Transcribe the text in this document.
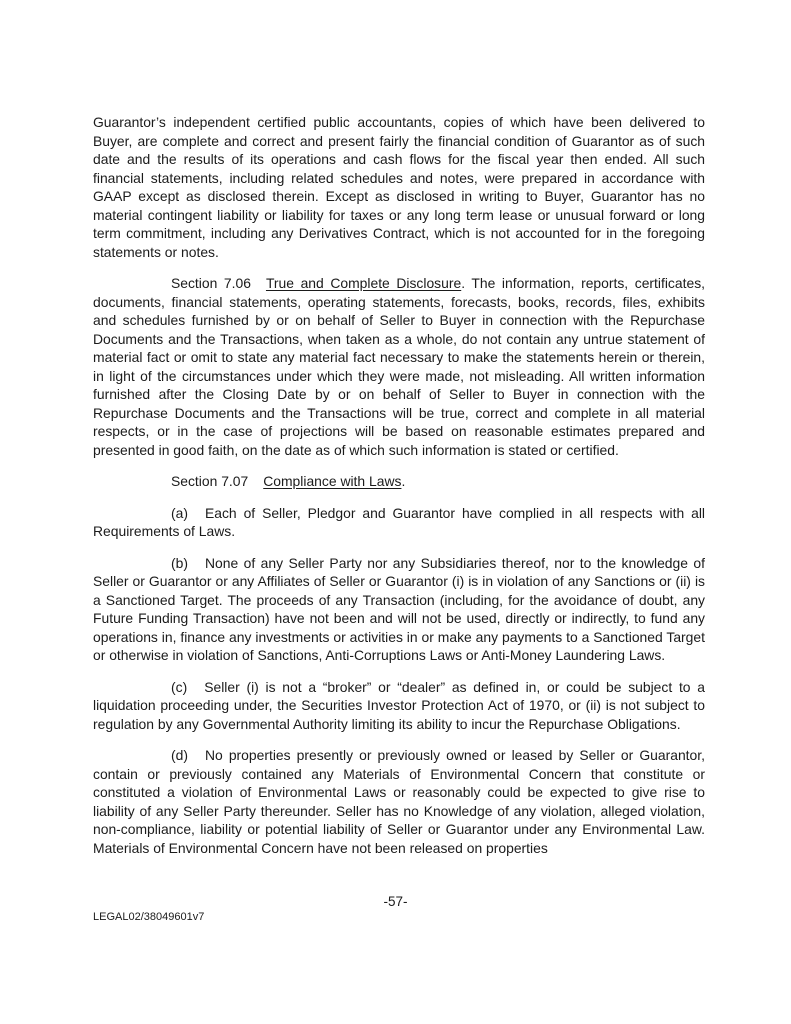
Guarantor’s independent certified public accountants, copies of which have been delivered to Buyer, are complete and correct and present fairly the financial condition of Guarantor as of such date and the results of its operations and cash flows for the fiscal year then ended. All such financial statements, including related schedules and notes, were prepared in accordance with GAAP except as disclosed therein. Except as disclosed in writing to Buyer, Guarantor has no material contingent liability or liability for taxes or any long term lease or unusual forward or long term commitment, including any Derivatives Contract, which is not accounted for in the foregoing statements or notes.

Section 7.06 True and Complete Disclosure. The information, reports, certificates, documents, financial statements, operating statements, forecasts, books, records, files, exhibits and schedules furnished by or on behalf of Seller to Buyer in connection with the Repurchase Documents and the Transactions, when taken as a whole, do not contain any untrue statement of material fact or omit to state any material fact necessary to make the statements herein or therein, in light of the circumstances under which they were made, not misleading. All written information furnished after the Closing Date by or on behalf of Seller to Buyer in connection with the Repurchase Documents and the Transactions will be true, correct and complete in all material respects, or in the case of projections will be based on reasonable estimates prepared and presented in good faith, on the date as of which such information is stated or certified.

Section 7.07 Compliance with Laws.

(a) Each of Seller, Pledgor and Guarantor have complied in all respects with all Requirements of Laws.

(b) None of any Seller Party nor any Subsidiaries thereof, nor to the knowledge of Seller or Guarantor or any Affiliates of Seller or Guarantor (i) is in violation of any Sanctions or (ii) is a Sanctioned Target. The proceeds of any Transaction (including, for the avoidance of doubt, any Future Funding Transaction) have not been and will not be used, directly or indirectly, to fund any operations in, finance any investments or activities in or make any payments to a Sanctioned Target or otherwise in violation of Sanctions, Anti-Corruptions Laws or Anti-Money Laundering Laws.

(c) Seller (i) is not a “broker” or “dealer” as defined in, or could be subject to a liquidation proceeding under, the Securities Investor Protection Act of 1970, or (ii) is not subject to regulation by any Governmental Authority limiting its ability to incur the Repurchase Obligations.

(d) No properties presently or previously owned or leased by Seller or Guarantor, contain or previously contained any Materials of Environmental Concern that constitute or constituted a violation of Environmental Laws or reasonably could be expected to give rise to liability of any Seller Party thereunder. Seller has no Knowledge of any violation, alleged violation, non-compliance, liability or potential liability of Seller or Guarantor under any Environmental Law. Materials of Environmental Concern have not been released on properties

-57-
LEGAL02/38049601v7
